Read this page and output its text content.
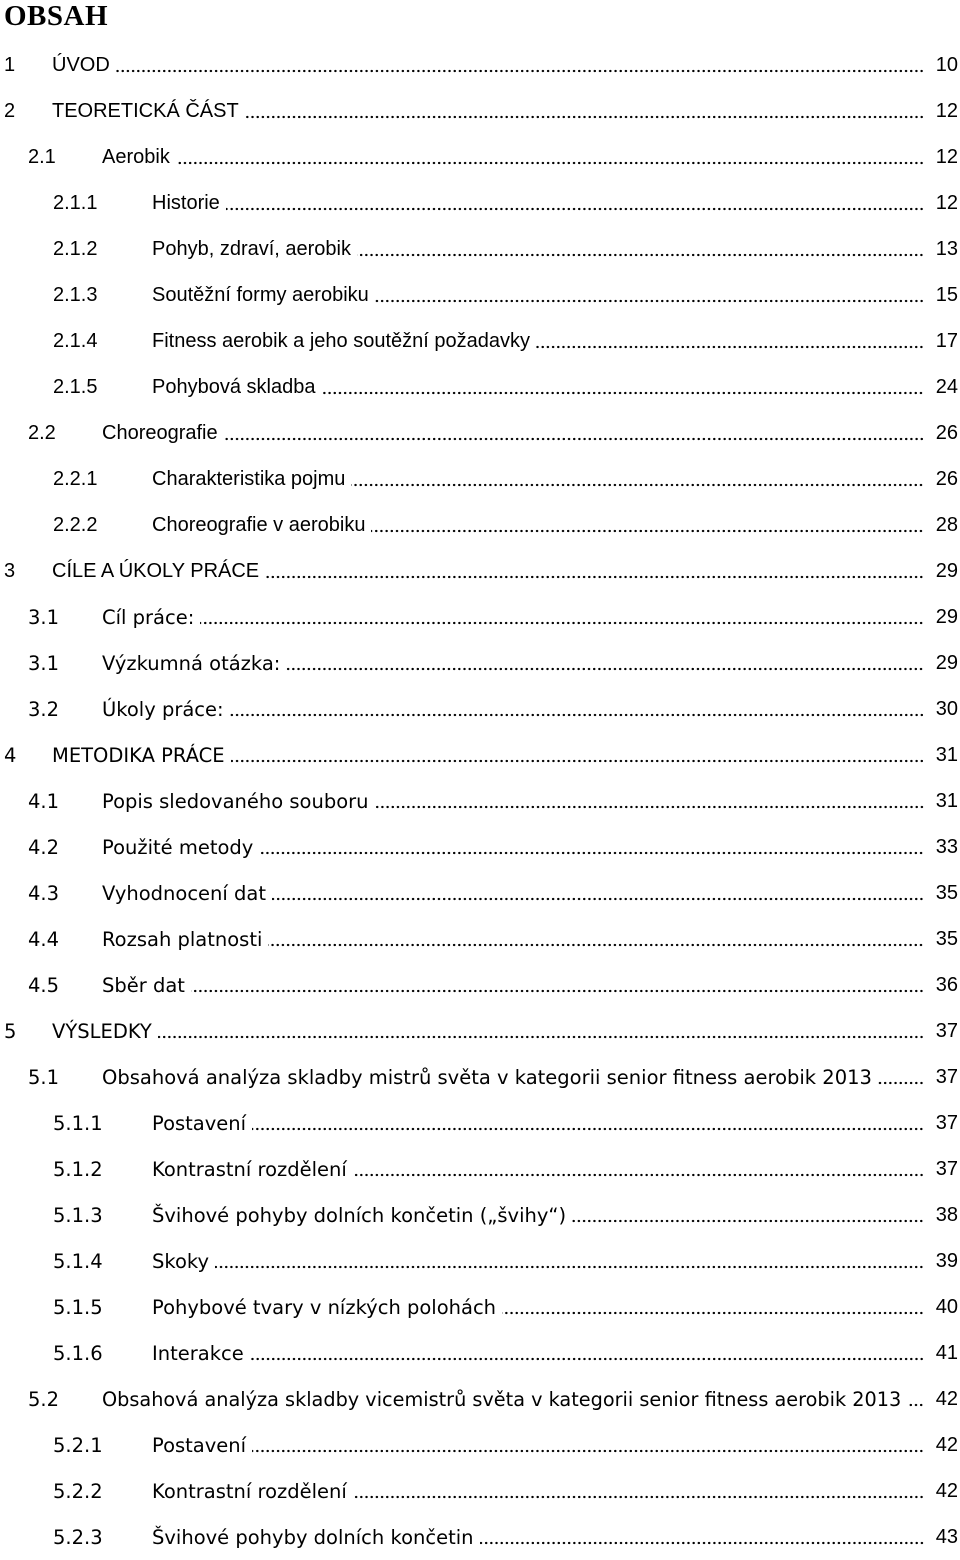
OBSAH
1	ÚVOD	10
2	TEORETICKÁ ČÁST	12
2.1	Aerobik	12
2.1.1	Historie	12
2.1.2	Pohyb, zdraví, aerobik	13
2.1.3	Soutěžní formy aerobiku	15
2.1.4	Fitness aerobik a jeho soutěžní požadavky	17
2.1.5	Pohybová skladba	24
2.2	Choreografie	26
2.2.1	Charakteristika pojmu	26
2.2.2	Choreografie v aerobiku	28
3	CÍLE A ÚKOLY PRÁCE	29
3.1	Cíl práce:	29
3.1	Výzkumná otázka:	29
3.2	Úkoly práce:	30
4	METODIKA PRÁCE	31
4.1	Popis sledovaného souboru	31
4.2	Použité metody	33
4.3	Vyhodnocení dat	35
4.4	Rozsah platnosti	35
4.5	Sběr dat	36
5	VÝSLEDKY	37
5.1	Obsahová analýza skladby mistrů světa v kategorii senior fitness aerobik 2013	37
5.1.1	Postavení	37
5.1.2	Kontrastní rozdělení	37
5.1.3	Švihové pohyby dolních končetin („švihy“)	38
5.1.4	Skoky	39
5.1.5	Pohybové tvary v nízkých polohách	40
5.1.6	Interakce	41
5.2	Obsahová analýza skladby vicemistrů světa v kategorii senior fitness aerobik 2013	42
5.2.1	Postavení	42
5.2.2	Kontrastní rozdělení	42
5.2.3	Švihové pohyby dolních končetin	43
